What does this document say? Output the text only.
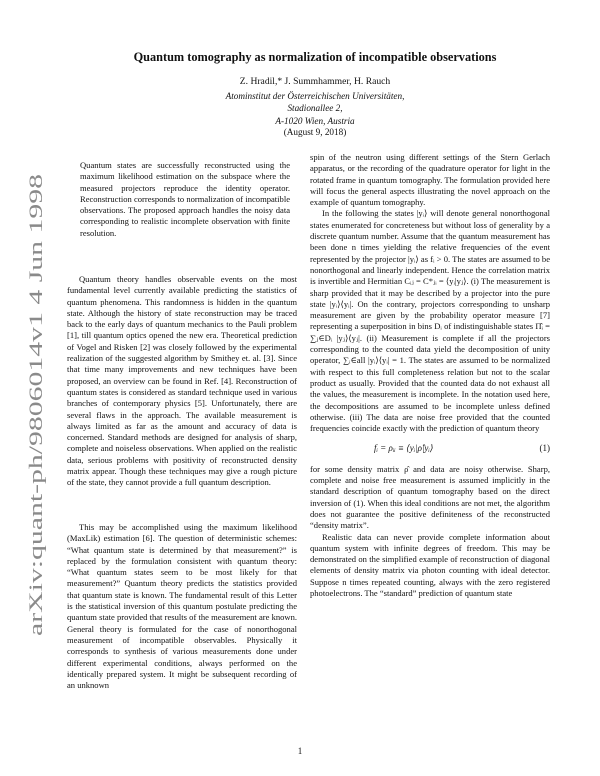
arXiv:quant-ph/9806014v1 4 Jun 1998
Quantum tomography as normalization of incompatible observations
Z. Hradil,* J. Summhammer, H. Rauch
Atominstitut der Österreichischen Universitäten,
Stadionallee 2,
A-1020 Wien, Austria
(August 9, 2018)
Quantum states are successfully reconstructed using the maximum likelihood estimation on the subspace where the measured projectors reproduce the identity operator. Reconstruction corresponds to normalization of incompatible observations. The proposed approach handles the noisy data corresponding to realistic incomplete observation with finite resolution.

Quantum theory handles observable events on the most fundamental level currently available predicting the statistics of quantum phenomena. This randomness is hidden in the quantum state. Although the history of state reconstruction may be traced back to the early days of quantum mechanics to the Pauli problem [1], till quantum optics opened the new era. Theoretical prediction of Vogel and Risken [2] was closely followed by the experimental realization of the suggested algorithm by Smithey et. al. [3]. Since that time many improvements and new techniques have been proposed, an overview can be found in Ref. [4]. Reconstruction of quantum states is considered as standard technique used in various branches of contemporary physics [5]. Unfortunately, there are several flaws in the approach. The available measurement is always limited as far as the amount and accuracy of data is concerned. Standard methods are designed for analysis of sharp, complete and noiseless observations. When applied on the realistic data, serious problems with positivity of reconstructed density matrix appear. Though these techniques may give a rough picture of the state, they cannot provide a full quantum description.

This may be accomplished using the maximum likelihood (MaxLik) estimation [6]. The question of deterministic schemes: “What quantum state is determined by that measurement?” is replaced by the formulation consistent with quantum theory: “What quantum states seem to be most likely for that measurement?” Quantum theory predicts the statistics provided that quantum state is known. The fundamental result of this Letter is the statistical inversion of this quantum postulate predicting the quantum state provided that results of the measurement are known. General theory is formulated for the case of nonorthogonal measurement of incompatible observables. Physically it corresponds to synthesis of various measurements done under different experimental conditions, always performed on the identically prepared system. It might be subsequent recording of an unknown

spin of the neutron using different settings of the Stern Gerlach apparatus, or the recording of the quadrature operator for light in the rotated frame in quantum tomography. The formulation provided here will focus the general aspects illustrating the novel approach on the example of quantum tomography.

In the following the states |yᵢ⟩ will denote general nonorthogonal states enumerated for concreteness but without loss of generality by a discrete quantum number. Assume that the quantum measurement has been done n times yielding the relative frequencies of the event represented by the projector |yᵢ⟩ as fᵢ > 0. The states are assumed to be nonorthogonal and linearly independent. Hence the correlation matrix is invertible and Hermitian Cᵢⱼ = C*ⱼᵢ = ⟨yᵢ|yⱼ⟩. (i) The measurement is sharp provided that it may be described by a projector into the pure state |yᵢ⟩⟨yᵢ|. On the contrary, projectors corresponding to unsharp measurement are given by the probability operator measure [7] representing a superposition in bins Dᵢ of indistinguishable states Π̂ᵢ = ∑ⱼ∈Dᵢ |yⱼ⟩⟨yⱼ|. (ii) Measurement is complete if all the projectors corresponding to the counted data yield the decomposition of unity operator, ∑ᵢ∈all |yᵢ⟩⟨yᵢ| = 1. The states are assumed to be normalized with respect to this full completeness relation but not to the scalar product as usually. Provided that the counted data do not exhaust all the values, the measurement is incomplete. In the notation used here, the decompositions are assumed to be incomplete unless defined otherwise. (iii) The data are noise free provided that the counted frequencies coincide exactly with the prediction of quantum theory

fᵢ = ρᵢᵢ ≡ ⟨yᵢ|ρ̂|yᵢ⟩	(1)

for some density matrix ρ̂ and data are noisy otherwise. Sharp, complete and noise free measurement is assumed implicitly in the standard description of quantum tomography based on the direct inversion of (1). When this ideal conditions are not met, the algorithm does not guarantee the positive definiteness of the reconstructed “density matrix”.

Realistic data can never provide complete information about quantum system with infinite degrees of freedom. This may be demonstrated on the simplified example of reconstruction of diagonal elements of density matrix via photon counting with ideal detector. Suppose n times repeated counting, always with the zero registered photoelectrons. The “standard” prediction of quantum state

1
